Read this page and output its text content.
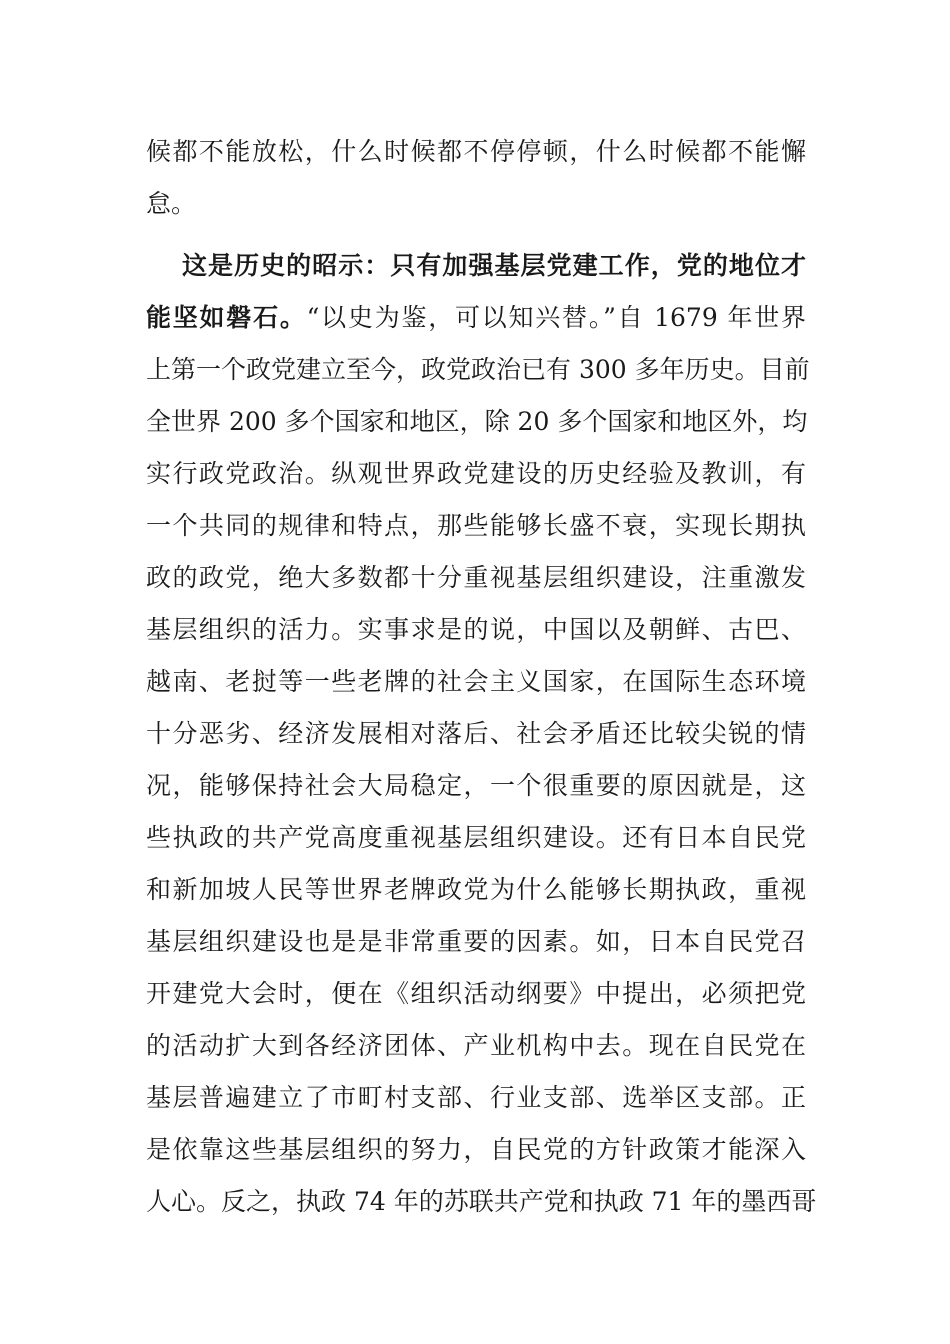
候都不能放松，什么时候都不停停顿，什么时候都不能懈
怠。
这是历史的昭示：只有加强基层党建工作，党的地位才
能坚如磐石。“以史为鉴，可以知兴替。”自 1679 年世界
上第一个政党建立至今，政党政治已有 300 多年历史。目前
全世界 200 多个国家和地区，除 20 多个国家和地区外，均
实行政党政治。纵观世界政党建设的历史经验及教训，有
一个共同的规律和特点，那些能够长盛不衰，实现长期执
政的政党，绝大多数都十分重视基层组织建设，注重激发
基层组织的活力。实事求是的说，中国以及朝鲜、古巴、
越南、老挝等一些老牌的社会主义国家，在国际生态环境
十分恶劣、经济发展相对落后、社会矛盾还比较尖锐的情
况，能够保持社会大局稳定，一个很重要的原因就是，这
些执政的共产党高度重视基层组织建设。还有日本自民党
和新加坡人民等世界老牌政党为什么能够长期执政，重视
基层组织建设也是是非常重要的因素。如，日本自民党召
开建党大会时，便在《组织活动纲要》中提出，必须把党
的活动扩大到各经济团体、产业机构中去。现在自民党在
基层普遍建立了市町村支部、行业支部、选举区支部。正
是依靠这些基层组织的努力，自民党的方针政策才能深入
人心。反之，执政 74 年的苏联共产党和执政 71 年的墨西哥
